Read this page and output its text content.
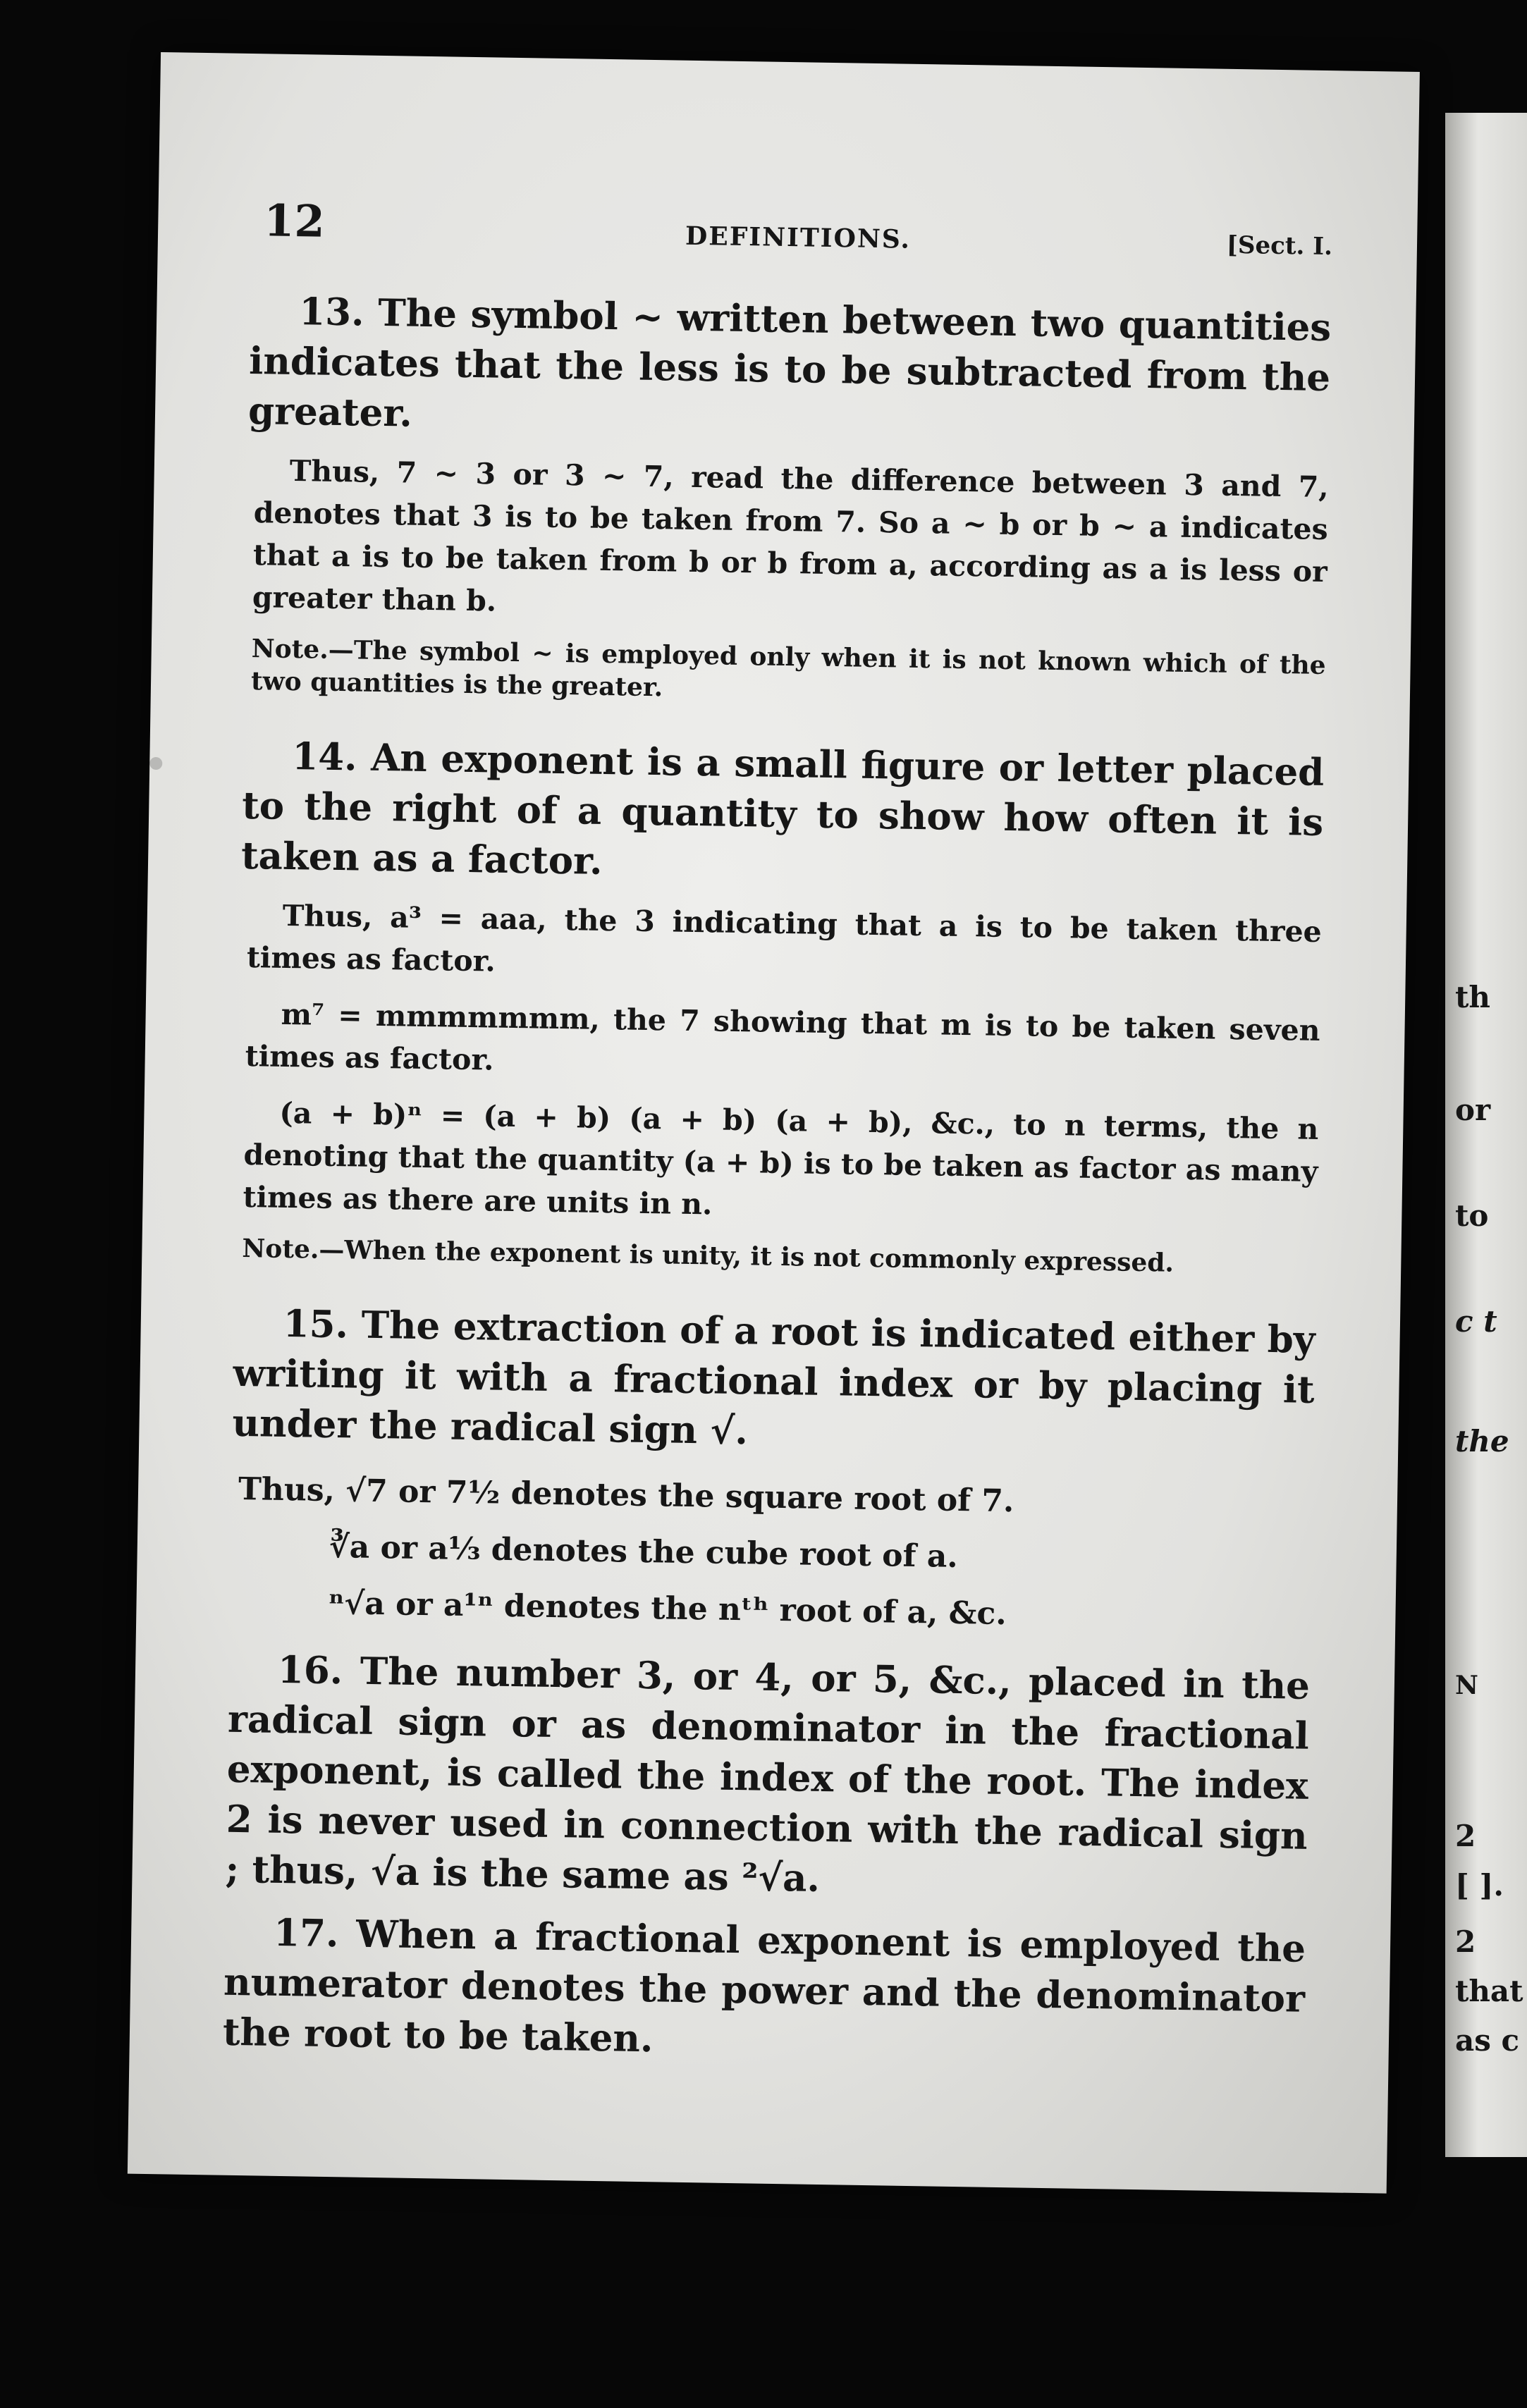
12	DEFINITIONS.	[Sect. I.

13. The symbol ~ written between two quantities indicates that the less is to be subtracted from the greater.

Thus, 7 ~ 3 or 3 ~ 7, read the difference between 3 and 7, denotes that 3 is to be taken from 7. So a ~ b or b ~ a indicates that a is to be taken from b or b from a, according as a is less or greater than b.

Note.—The symbol ~ is employed only when it is not known which of the two quantities is the greater.

14. An exponent is a small figure or letter placed to the right of a quantity to show how often it is taken as a factor.

Thus, a³ = aaa, the 3 indicating that a is to be taken three times as factor.

m⁷ = mmmmmmm, the 7 showing that m is to be taken seven times as factor.

(a + b)ⁿ = (a + b) (a + b) (a + b), &c., to n terms, the n denoting that the quantity (a + b) is to be taken as factor as many times as there are units in n.

Note.—When the exponent is unity, it is not commonly expressed.

15. The extraction of a root is indicated either by writing it with a fractional index or by placing it under the radical sign √.

Thus, √7 or 7½ denotes the square root of 7.

∛a or a⅓ denotes the cube root of a.

ⁿ√a or a¹ⁿ denotes the nᵗʰ root of a, &c.

16. The number 3, or 4, or 5, &c., placed in the radical sign or as denominator in the fractional exponent, is called the index of the root. The index 2 is never used in connection with the radical sign ; thus, √a is the same as ²√a.

17. When a fractional exponent is employed the numerator denotes the power and the denominator the root to be taken.

th
or
to
c t
the
N
2
[ ].
2
that
as c
